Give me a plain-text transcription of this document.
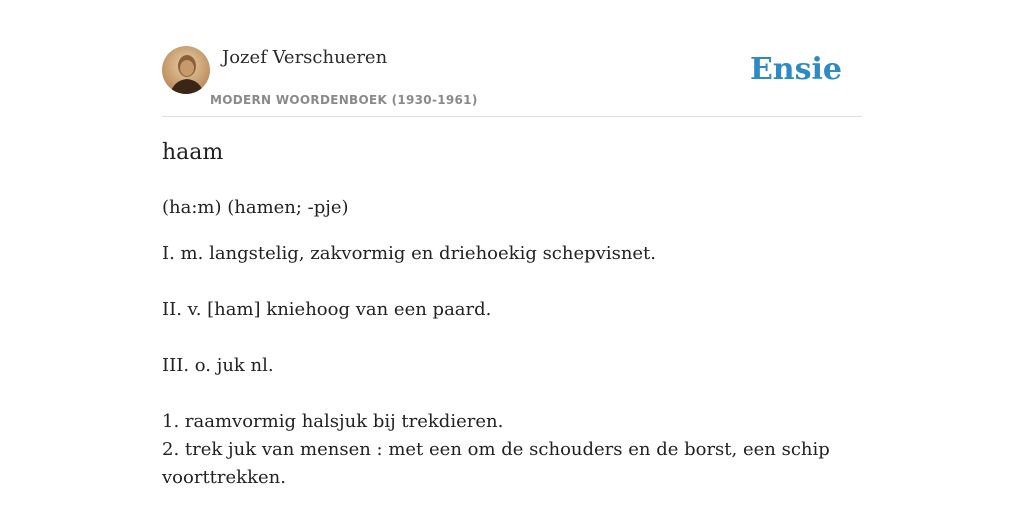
Jozef Verschueren
MODERN WOORDENBOEK (1930-1961)
Ensie
haam

(ha:m) (hamen; -pje)

I. m. langstelig, zakvormig en driehoekig schepvisnet.

II. v. [ham] kniehoog van een paard.

III. o. juk nl.

1. raamvormig halsjuk bij trekdieren.

2. trek juk van mensen : met een om de schouders en de borst, een schip voorttrekken.
